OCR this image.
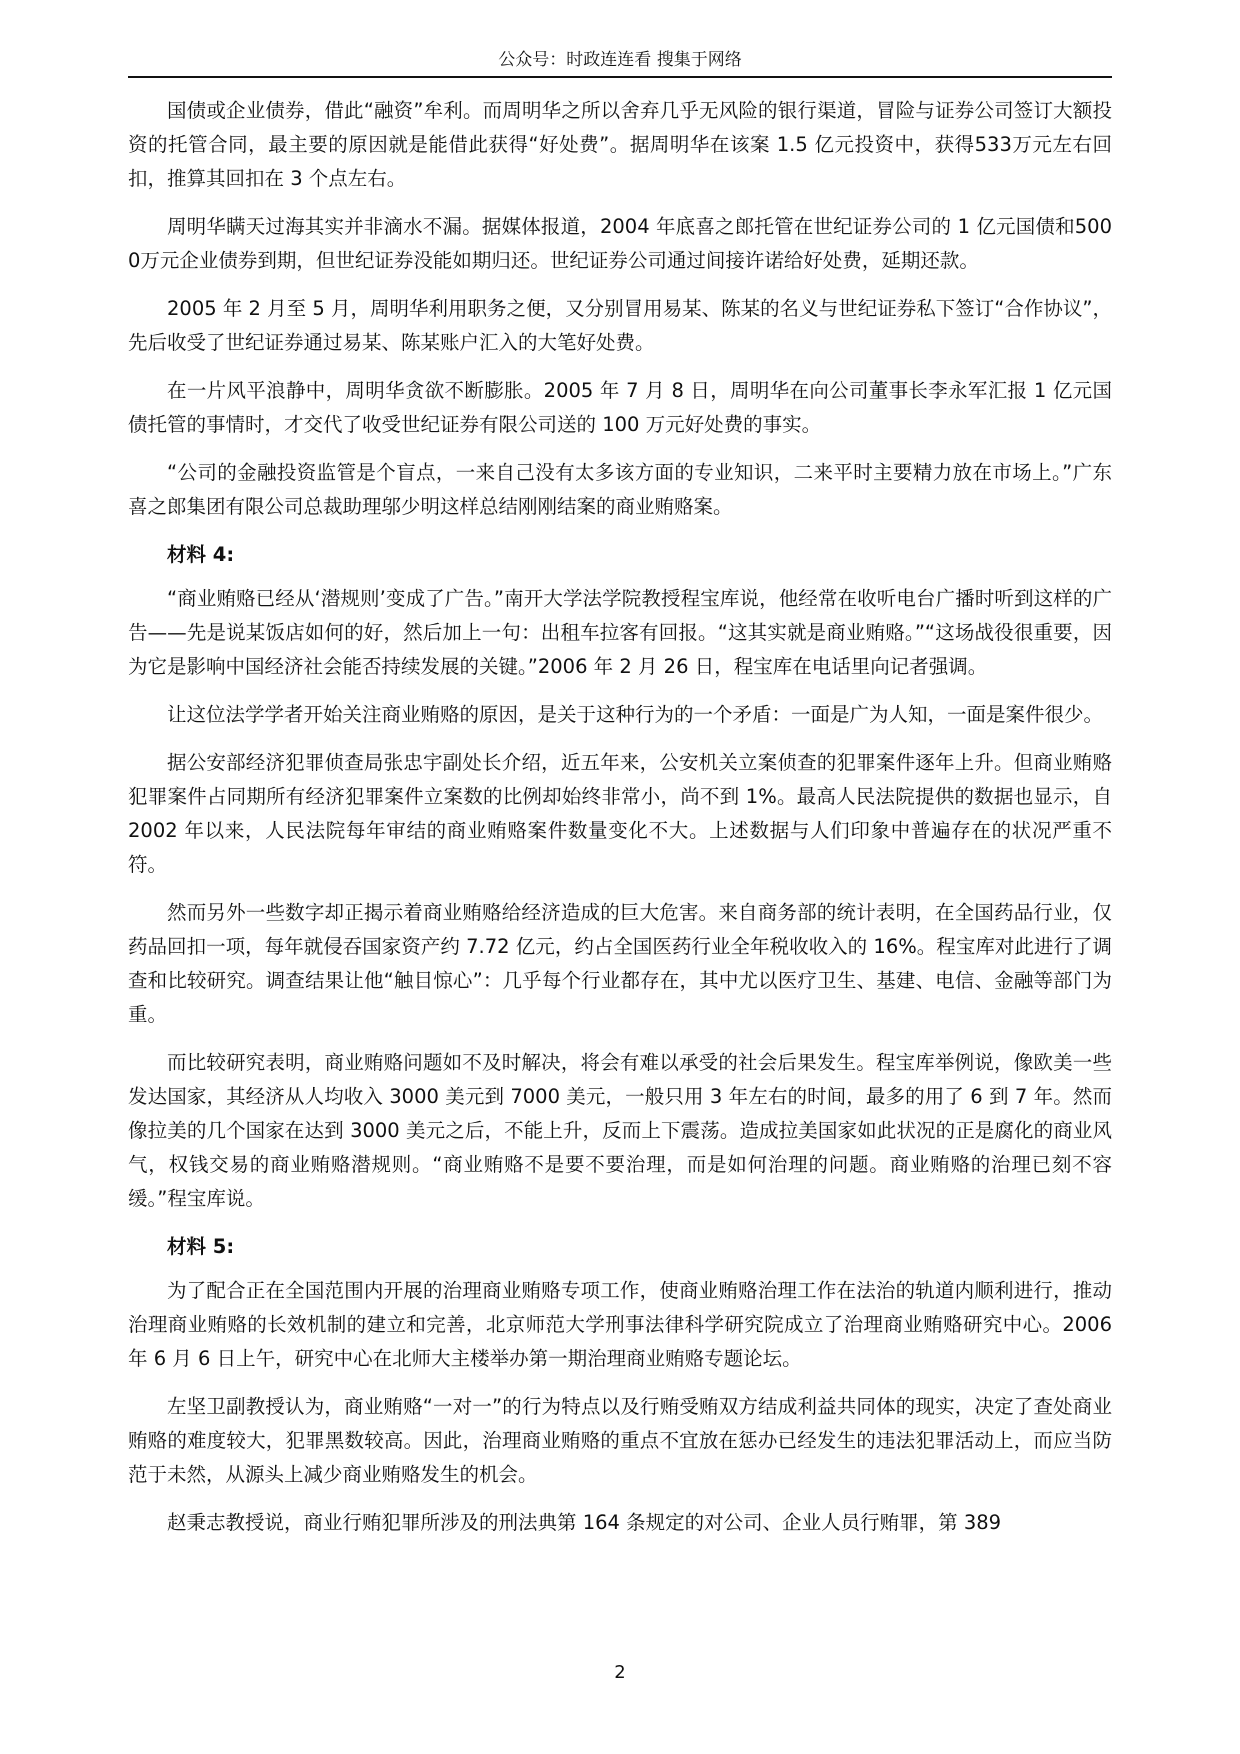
公众号：时政连连看 搜集于网络

国债或企业债券，借此“融资”牟利。而周明华之所以舍弃几乎无风险的银行渠道，冒险与证券公司签订大额投资的托管合同，最主要的原因就是能借此获得“好处费”。据周明华在该案 1.5 亿元投资中，获得533万元左右回扣，推算其回扣在 3 个点左右。

周明华瞒天过海其实并非滴水不漏。据媒体报道，2004 年底喜之郎托管在世纪证券公司的 1 亿元国债和5000万元企业债券到期，但世纪证券没能如期归还。世纪证券公司通过间接许诺给好处费，延期还款。

2005 年 2 月至 5 月，周明华利用职务之便，又分别冒用易某、陈某的名义与世纪证券私下签订“合作协议”，先后收受了世纪证券通过易某、陈某账户汇入的大笔好处费。

在一片风平浪静中，周明华贪欲不断膨胀。2005 年 7 月 8 日，周明华在向公司董事长李永军汇报 1 亿元国债托管的事情时，才交代了收受世纪证券有限公司送的 100 万元好处费的事实。

“公司的金融投资监管是个盲点，一来自己没有太多该方面的专业知识，二来平时主要精力放在市场上。”广东喜之郎集团有限公司总裁助理邬少明这样总结刚刚结案的商业贿赂案。

材料 4:

“商业贿赂已经从‘潜规则’变成了广告。”南开大学法学院教授程宝库说，他经常在收听电台广播时听到这样的广告——先是说某饭店如何的好，然后加上一句：出租车拉客有回报。“这其实就是商业贿赂。”“这场战役很重要，因为它是影响中国经济社会能否持续发展的关键。”2006 年 2 月 26 日，程宝库在电话里向记者强调。

让这位法学学者开始关注商业贿赂的原因，是关于这种行为的一个矛盾：一面是广为人知，一面是案件很少。

据公安部经济犯罪侦查局张忠宇副处长介绍，近五年来，公安机关立案侦查的犯罪案件逐年上升。但商业贿赂犯罪案件占同期所有经济犯罪案件立案数的比例却始终非常小，尚不到 1%。最高人民法院提供的数据也显示，自 2002 年以来，人民法院每年审结的商业贿赂案件数量变化不大。上述数据与人们印象中普遍存在的状况严重不符。

然而另外一些数字却正揭示着商业贿赂给经济造成的巨大危害。来自商务部的统计表明，在全国药品行业，仅药品回扣一项，每年就侵吞国家资产约 7.72 亿元，约占全国医药行业全年税收收入的 16%。程宝库对此进行了调查和比较研究。调查结果让他“触目惊心”：几乎每个行业都存在，其中尤以医疗卫生、基建、电信、金融等部门为重。

而比较研究表明，商业贿赂问题如不及时解决，将会有难以承受的社会后果发生。程宝库举例说，像欧美一些发达国家，其经济从人均收入 3000 美元到 7000 美元，一般只用 3 年左右的时间，最多的用了 6 到 7 年。然而像拉美的几个国家在达到 3000 美元之后，不能上升，反而上下震荡。造成拉美国家如此状况的正是腐化的商业风气，权钱交易的商业贿赂潜规则。“商业贿赂不是要不要治理，而是如何治理的问题。商业贿赂的治理已刻不容缓。”程宝库说。

材料 5:

为了配合正在全国范围内开展的治理商业贿赂专项工作，使商业贿赂治理工作在法治的轨道内顺利进行，推动治理商业贿赂的长效机制的建立和完善，北京师范大学刑事法律科学研究院成立了治理商业贿赂研究中心。2006 年 6 月 6 日上午，研究中心在北师大主楼举办第一期治理商业贿赂专题论坛。

左坚卫副教授认为，商业贿赂“一对一”的行为特点以及行贿受贿双方结成利益共同体的现实，决定了查处商业贿赂的难度较大，犯罪黑数较高。因此，治理商业贿赂的重点不宜放在惩办已经发生的违法犯罪活动上，而应当防范于未然，从源头上减少商业贿赂发生的机会。

赵秉志教授说，商业行贿犯罪所涉及的刑法典第 164 条规定的对公司、企业人员行贿罪，第 389

2
